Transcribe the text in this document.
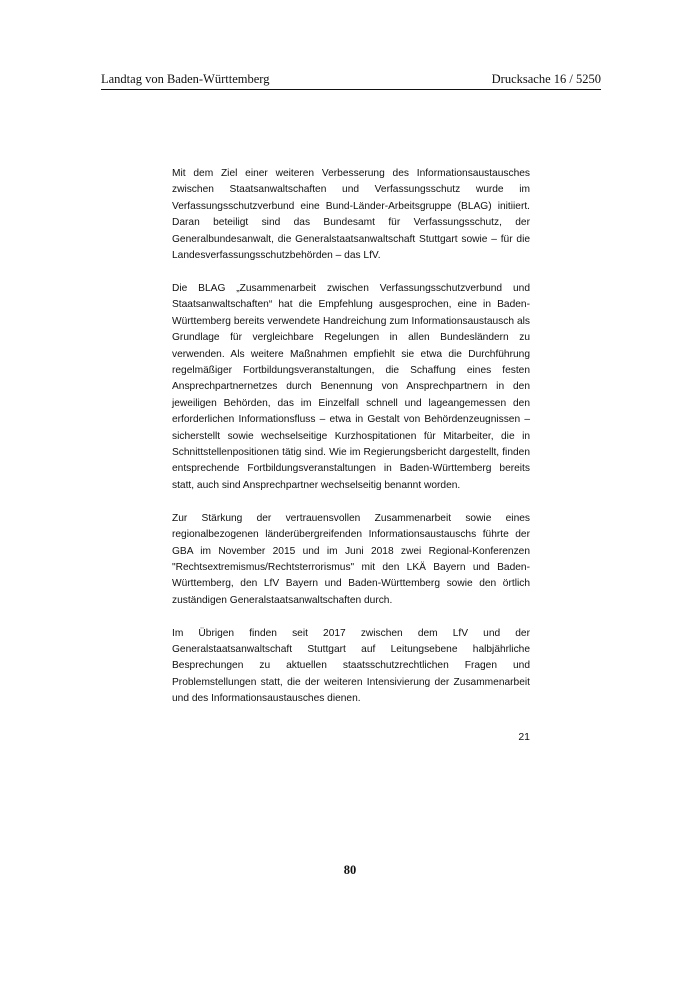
Landtag von Baden-Württemberg	Drucksache 16 / 5250

Mit dem Ziel einer weiteren Verbesserung des Informationsaustausches zwischen Staatsanwaltschaften und Verfassungsschutz wurde im Verfassungsschutzverbund eine Bund-Länder-Arbeitsgruppe (BLAG) initiiert. Daran beteiligt sind das Bundesamt für Verfassungsschutz, der Generalbundesanwalt, die Generalstaatsanwaltschaft Stuttgart sowie – für die Landesverfassungsschutzbehörden – das LfV.

Die BLAG „Zusammenarbeit zwischen Verfassungsschutzverbund und Staatsanwaltschaften“ hat die Empfehlung ausgesprochen, eine in Baden-Württemberg bereits verwendete Handreichung zum Informationsaustausch als Grundlage für vergleichbare Regelungen in allen Bundesländern zu verwenden. Als weitere Maßnahmen empfiehlt sie etwa die Durchführung regelmäßiger Fortbildungsveranstaltungen, die Schaffung eines festen Ansprechpartnernetzes durch Benennung von Ansprechpartnern in den jeweiligen Behörden, das im Einzelfall schnell und lageangemessen den erforderlichen Informationsfluss – etwa in Gestalt von Behördenzeugnissen – sicherstellt sowie wechselseitige Kurzhospitationen für Mitarbeiter, die in Schnittstellenpositionen tätig sind. Wie im Regierungsbericht dargestellt, finden entsprechende Fortbildungsveranstaltungen in Baden-Württemberg bereits statt, auch sind Ansprechpartner wechselseitig benannt worden.

Zur Stärkung der vertrauensvollen Zusammenarbeit sowie eines regionalbezogenen länderübergreifenden Informationsaustauschs führte der GBA im November 2015 und im Juni 2018 zwei Regional-Konferenzen "Rechtsextremismus/Rechtsterrorismus" mit den LKÄ Bayern und Baden-Württemberg, den LfV Bayern und Baden-Württemberg sowie den örtlich zuständigen Generalstaatsanwaltschaften durch.

Im Übrigen finden seit 2017 zwischen dem LfV und der Generalstaatsanwaltschaft Stuttgart auf Leitungsebene halbjährliche Besprechungen zu aktuellen staatsschutzrechtlichen Fragen und Problemstellungen statt, die der weiteren Intensivierung der Zusammenarbeit und des Informationsaustausches dienen.

21
80
